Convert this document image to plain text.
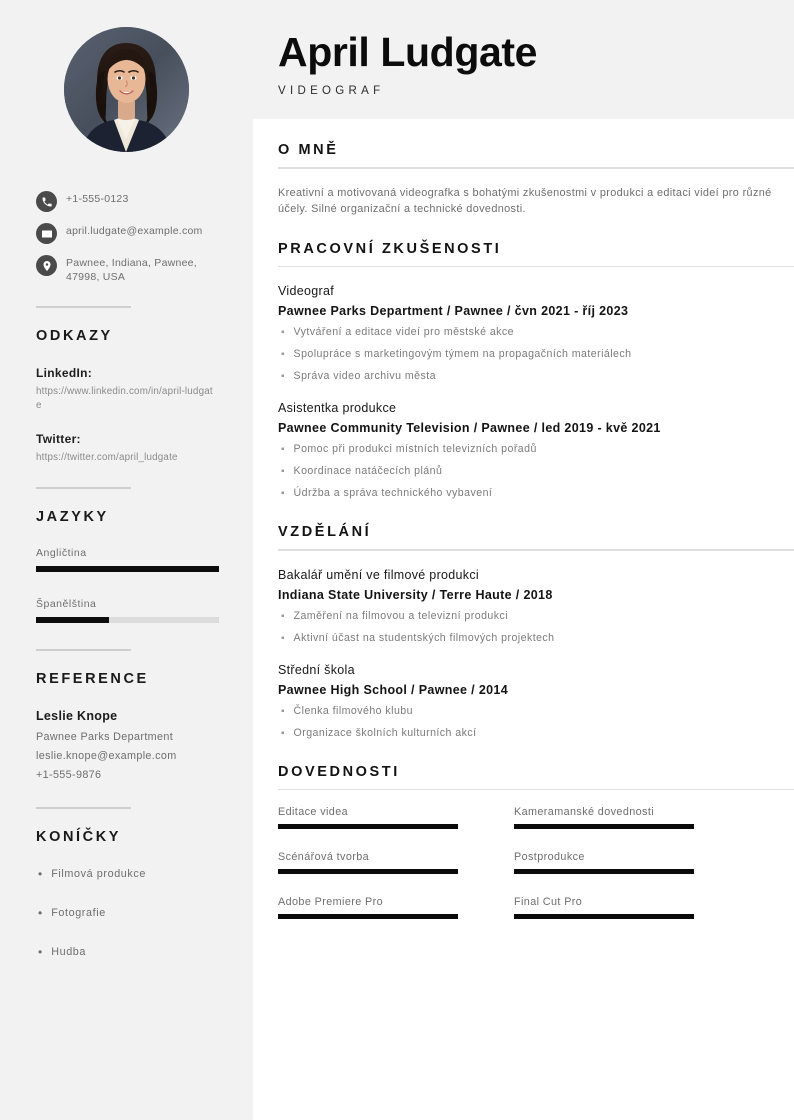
+1-555-0123
april.ludgate@example.com
Pawnee, Indiana, Pawnee, 47998, USA
ODKAZY
LinkedIn:
https://www.linkedin.com/in/april-ludgate
Twitter:
https://twitter.com/april_ludgate
JAZYKY
Angličtina
Španělština
REFERENCE
Leslie Knope
Pawnee Parks Department
leslie.knope@example.com
+1-555-9876
KONÍČKY
• Filmová produkce
• Fotografie
• Hudba
April Ludgate
VIDEOGRAF
O MNĚ

Kreativní a motivovaná videografka s bohatými zkušenostmi v produkci a editaci videí pro různé účely. Silné organizační a technické dovednosti.

PRACOVNÍ ZKUŠENOSTI
Videograf
Pawnee Parks Department / Pawnee / čvn 2021 - říj 2023
▪ Vytváření a editace videí pro městské akce
▪ Spolupráce s marketingovým týmem na propagačních materiálech
▪ Správa video archivu města
Asistentka produkce
Pawnee Community Television / Pawnee / led 2019 - kvě 2021
▪ Pomoc při produkci místních televizních pořadů
▪ Koordinace natáčecích plánů
▪ Údržba a správa technického vybavení
VZDĚLÁNÍ
Bakalář umění ve filmové produkci
Indiana State University / Terre Haute / 2018
▪ Zaměření na filmovou a televizní produkci
▪ Aktivní účast na studentských filmových projektech
Střední škola
Pawnee High School / Pawnee / 2014
▪ Členka filmového klubu
▪ Organizace školních kulturních akcí
DOVEDNOSTI
Editace videa	Kameramanské dovednosti
Scénářová tvorba	Postprodukce
Adobe Premiere Pro	Final Cut Pro
